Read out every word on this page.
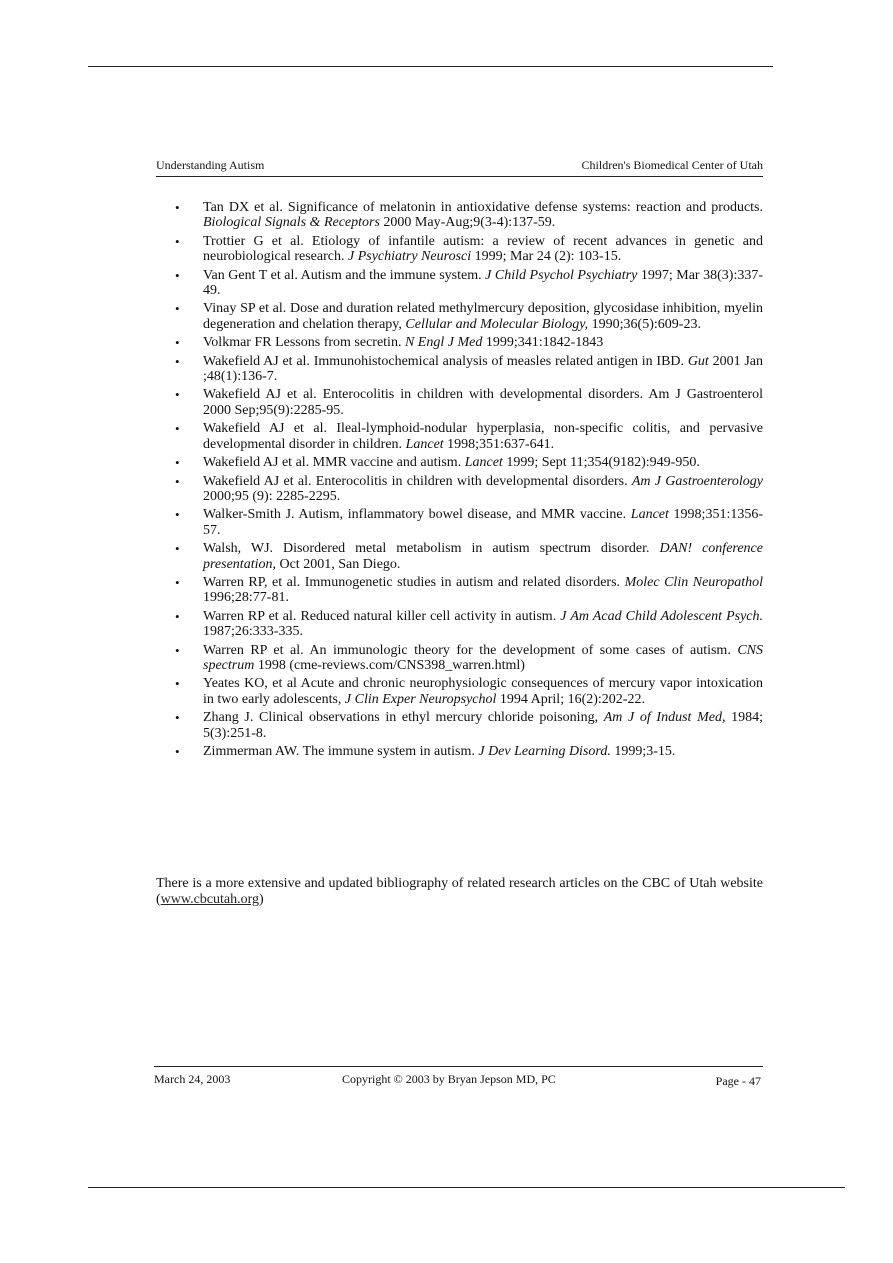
Understanding Autism	Children's Biomedical Center of Utah
• Tan DX et al. Significance of melatonin in antioxidative defense systems: reaction and products. Biological Signals & Receptors 2000 May-Aug;9(3-4):137-59.
• Trottier G et al. Etiology of infantile autism: a review of recent advances in genetic and neurobiological research. J Psychiatry Neurosci 1999; Mar 24 (2): 103-15.
• Van Gent T et al. Autism and the immune system. J Child Psychol Psychiatry 1997; Mar 38(3):337-49.
• Vinay SP et al. Dose and duration related methylmercury deposition, glycosidase inhibition, myelin degeneration and chelation therapy, Cellular and Molecular Biology, 1990;36(5):609-23.
• Volkmar FR Lessons from secretin. N Engl J Med 1999;341:1842-1843
• Wakefield AJ et al. Immunohistochemical analysis of measles related antigen in IBD. Gut 2001 Jan ;48(1):136-7.
• Wakefield AJ et al. Enterocolitis in children with developmental disorders. Am J Gastroenterol 2000 Sep;95(9):2285-95.
• Wakefield AJ et al. Ileal-lymphoid-nodular hyperplasia, non-specific colitis, and pervasive developmental disorder in children. Lancet 1998;351:637-641.
• Wakefield AJ et al. MMR vaccine and autism. Lancet 1999; Sept 11;354(9182):949-950.
• Wakefield AJ et al. Enterocolitis in children with developmental disorders. Am J Gastroenterology 2000;95 (9): 2285-2295.
• Walker-Smith J. Autism, inflammatory bowel disease, and MMR vaccine. Lancet 1998;351:1356-57.
• Walsh, WJ. Disordered metal metabolism in autism spectrum disorder. DAN! conference presentation, Oct 2001, San Diego.
• Warren RP, et al. Immunogenetic studies in autism and related disorders. Molec Clin Neuropathol 1996;28:77-81.
• Warren RP et al. Reduced natural killer cell activity in autism. J Am Acad Child Adolescent Psych. 1987;26:333-335.
• Warren RP et al. An immunologic theory for the development of some cases of autism. CNS spectrum 1998 (cme-reviews.com/CNS398_warren.html)
• Yeates KO, et al Acute and chronic neurophysiologic consequences of mercury vapor intoxication in two early adolescents, J Clin Exper Neuropsychol 1994 April; 16(2):202-22.
• Zhang J. Clinical observations in ethyl mercury chloride poisoning, Am J of Indust Med, 1984; 5(3):251-8.
• Zimmerman AW. The immune system in autism. J Dev Learning Disord. 1999;3-15.

There is a more extensive and updated bibliography of related research articles on the CBC of Utah website (www.cbcutah.org)

March 24, 2003	Copyright © 2003 by Bryan Jepson MD, PC	Page - 47
